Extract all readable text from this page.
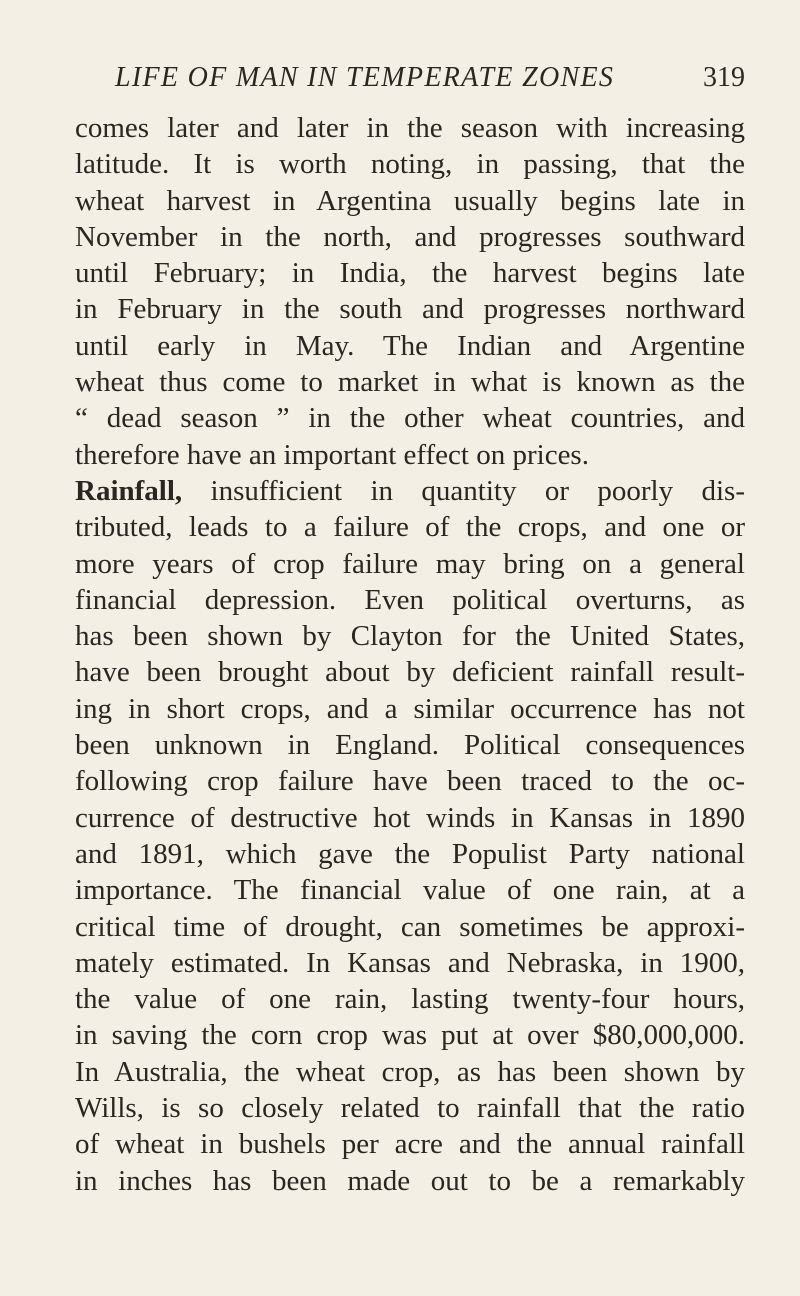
LIFE OF MAN IN TEMPERATE ZONES	319
comes later and later in the season with increasing
latitude. It is worth noting, in passing, that the
wheat harvest in Argentina usually begins late in
November in the north, and progresses southward
until February; in India, the harvest begins late
in February in the south and progresses northward
until early in May. The Indian and Argentine
wheat thus come to market in what is known as the
“ dead season ” in the other wheat countries, and
therefore have an important effect on prices.
Rainfall, insufficient in quantity or poorly dis-
tributed, leads to a failure of the crops, and one or
more years of crop failure may bring on a general
financial depression. Even political overturns, as
has been shown by Clayton for the United States,
have been brought about by deficient rainfall result-
ing in short crops, and a similar occurrence has not
been unknown in England. Political consequences
following crop failure have been traced to the oc-
currence of destructive hot winds in Kansas in 1890
and 1891, which gave the Populist Party national
importance. The financial value of one rain, at a
critical time of drought, can sometimes be approxi-
mately estimated. In Kansas and Nebraska, in 1900,
the value of one rain, lasting twenty-four hours,
in saving the corn crop was put at over $80,000,000.
In Australia, the wheat crop, as has been shown by
Wills, is so closely related to rainfall that the ratio
of wheat in bushels per acre and the annual rainfall
in inches has been made out to be a remarkably
